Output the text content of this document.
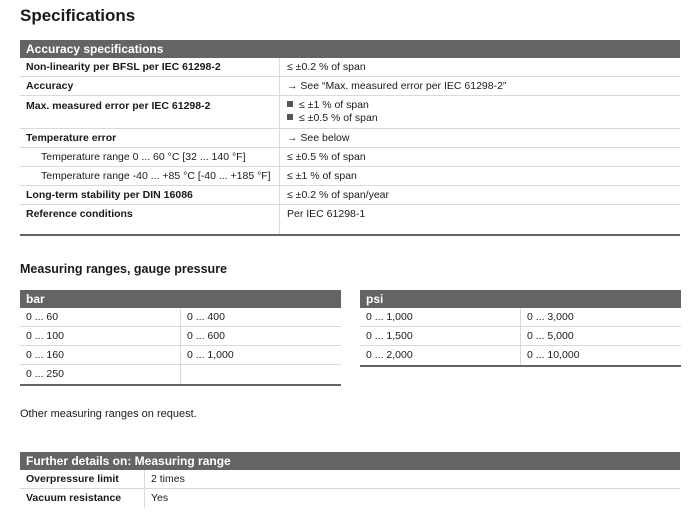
Specifications
Accuracy specifications
Non-linearity per BFSL per IEC 61298-2	≤ ±0.2 % of span
Accuracy	→ See “Max. measured error per IEC 61298-2”
Max. measured error per IEC 61298-2	≤ ±1 % of span
≤ ±0.5 % of span
Temperature error	→ See below
Temperature range 0 ... 60 °C [32 ... 140 °F]	≤ ±0.5 % of span
Temperature range -40 ... +85 °C [-40 ... +185 °F]	≤ ±1 % of span
Long-term stability per DIN 16086	≤ ±0.2 % of span/year
Reference conditions	Per IEC 61298-1
Measuring ranges, gauge pressure
bar
0 ... 60	0 ... 400
0 ... 100	0 ... 600
0 ... 160	0 ... 1,000
0 ... 250
psi
0 ... 1,000	0 ... 3,000
0 ... 1,500	0 ... 5,000
0 ... 2,000	0 ... 10,000
Other measuring ranges on request.
Further details on: Measuring range
Overpressure limit	2 times
Vacuum resistance	Yes
